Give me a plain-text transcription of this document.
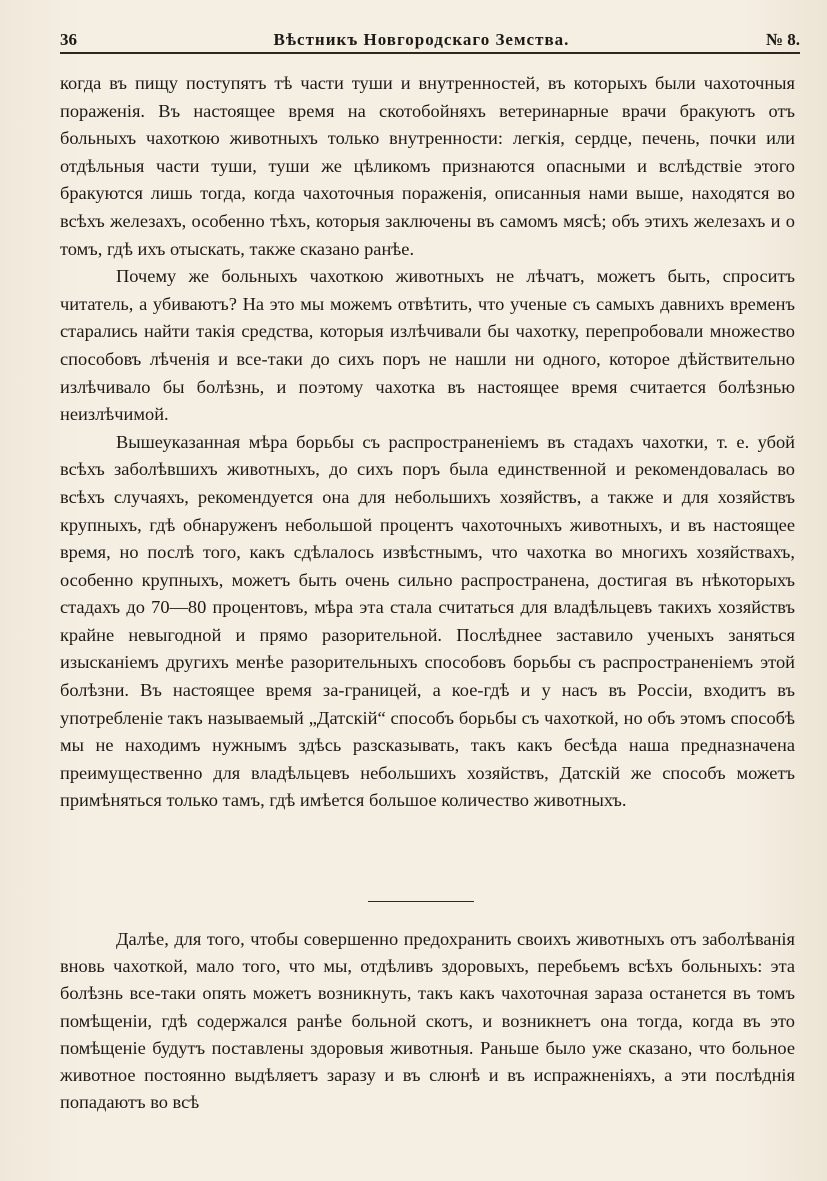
36	Вѣстникъ Новгородскаго Земства.	№ 8.

когда въ пищу поступятъ тѣ части туши и внутренностей, въ которыхъ были чахоточныя пораженія. Въ настоящее время на скотобойняхъ ветеринарные врачи бракуютъ отъ больныхъ чахоткою животныхъ только внутренности: легкія, сердце, печень, почки или отдѣльныя части туши, туши же цѣликомъ признаются опасными и вслѣдствіе этого бракуются лишь тогда, когда чахоточныя пораженія, описанныя нами выше, находятся во всѣхъ железахъ, особенно тѣхъ, которыя заключены въ самомъ мясѣ; объ этихъ железахъ и о томъ, гдѣ ихъ отыскать, также сказано ранѣе.

Почему же больныхъ чахоткою животныхъ не лѣчатъ, можетъ быть, спроситъ читатель, а убиваютъ? На это мы можемъ отвѣтить, что ученые съ самыхъ давнихъ временъ старались найти такія средства, которыя излѣчивали бы чахотку, перепробовали множество способовъ лѣченія и все-таки до сихъ поръ не нашли ни одного, которое дѣйствительно излѣчивало бы болѣзнь, и поэтому чахотка въ настоящее время считается болѣзнью неизлѣчимой.

Вышеуказанная мѣра борьбы съ распространеніемъ въ стадахъ чахотки, т. е. убой всѣхъ заболѣвшихъ животныхъ, до сихъ поръ была единственной и рекомендовалась во всѣхъ случаяхъ, рекомендуется она для небольшихъ хозяйствъ, а также и для хозяйствъ крупныхъ, гдѣ обнаруженъ небольшой процентъ чахоточныхъ животныхъ, и въ настоящее время, но послѣ того, какъ сдѣлалось извѣстнымъ, что чахотка во многихъ хозяйствахъ, особенно крупныхъ, можетъ быть очень сильно распространена, достигая въ нѣкоторыхъ стадахъ до 70—80 процентовъ, мѣра эта стала считаться для владѣльцевъ такихъ хозяйствъ крайне невыгодной и прямо разорительной. Послѣднее заставило ученыхъ заняться изысканіемъ другихъ менѣе разорительныхъ способовъ борьбы съ распространеніемъ этой болѣзни. Въ настоящее время за-границей, а кое-гдѣ и у насъ въ Россіи, входитъ въ употребленіе такъ называемый „Датскій“ способъ борьбы съ чахоткой, но объ этомъ способѣ мы не находимъ нужнымъ здѣсь разсказывать, такъ какъ бесѣда наша предназначена преимущественно для владѣльцевъ небольшихъ хозяйствъ, Датскій же способъ можетъ примѣняться только тамъ, гдѣ имѣется большое количество животныхъ.

Далѣе, для того, чтобы совершенно предохранить своихъ животныхъ отъ заболѣванія вновь чахоткой, мало того, что мы, отдѣливъ здоровыхъ, перебьемъ всѣхъ больныхъ: эта болѣзнь все-таки опять можетъ возникнуть, такъ какъ чахоточная зараза останется въ томъ помѣщеніи, гдѣ содержался ранѣе больной скотъ, и возникнетъ она тогда, когда въ это помѣщеніе будутъ поставлены здоровыя животныя. Раньше было уже сказано, что больное животное постоянно выдѣляетъ заразу и въ слюнѣ и въ испражненіяхъ, а эти послѣднія попадаютъ во всѣ
